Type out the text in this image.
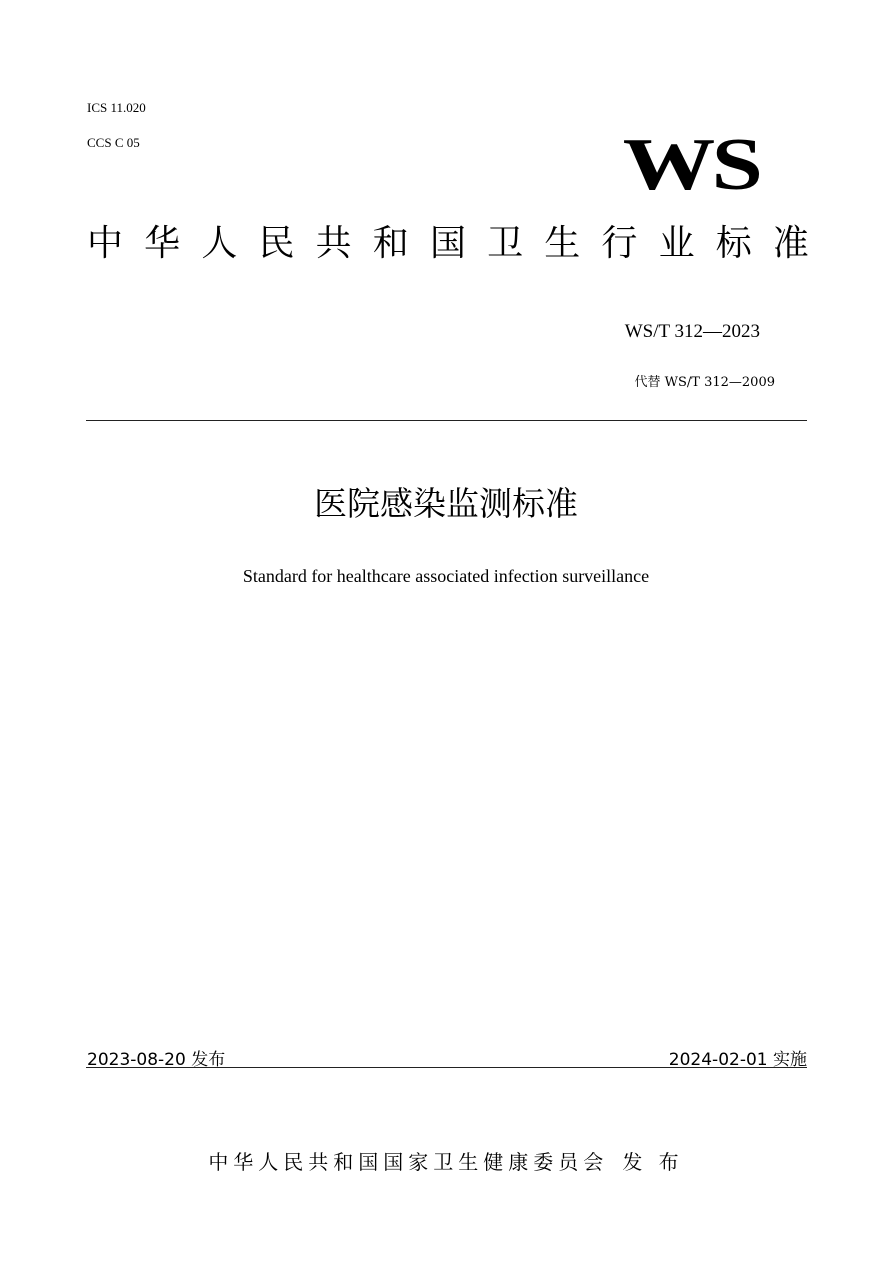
ICS 11.020
CCS C 05	WS
中 华 人 民 共 和 国 卫 生 行 业 标 准
WS/T 312—2023
代替 WS/T 312—2009
医院感染监测标准
Standard for healthcare associated infection surveillance
2023-08-20 发布	2024-02-01 实施
中华人民共和国国家卫生健康委员会 发 布
